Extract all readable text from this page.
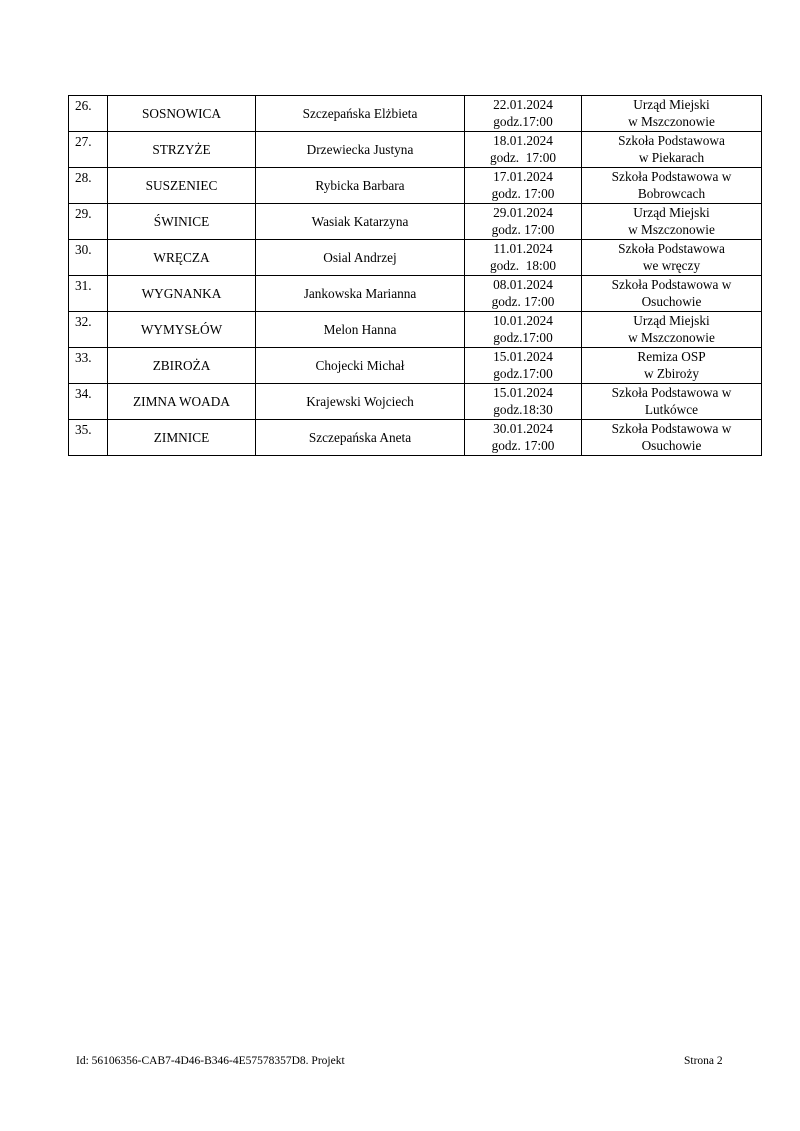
26.	SOSNOWICA	Szczepańska Elżbieta	22.01.2024
godz.17:00	Urząd Miejski
w Mszczonowie

27.	STRZYŻE	Drzewiecka Justyna	18.01.2024
godz.  17:00	Szkoła Podstawowa
w Piekarach

28.	SUSZENIEC	Rybicka Barbara	17.01.2024
godz. 17:00	Szkoła Podstawowa w
Bobrowcach

29.	ŚWINICE	Wasiak Katarzyna	29.01.2024
godz. 17:00	Urząd Miejski
w Mszczonowie

30.	WRĘCZA	Osial Andrzej	11.01.2024
godz.  18:00	Szkoła Podstawowa
we wręczy

31.	WYGNANKA	Jankowska Marianna	08.01.2024
godz. 17:00	Szkoła Podstawowa w
Osuchowie

32.	WYMYSŁÓW	Melon Hanna	10.01.2024
godz.17:00	Urząd Miejski
w Mszczonowie

33.	ZBIROŻA	Chojecki Michał	15.01.2024
godz.17:00	Remiza OSP
w Zbiroży

34.	ZIMNA WOADA	Krajewski Wojciech	15.01.2024
godz.18:30	Szkoła Podstawowa w
Lutkówce

35.	ZIMNICE	Szczepańska Aneta	30.01.2024
godz. 17:00	Szkoła Podstawowa w
Osuchowie
Id: 56106356-CAB7-4D46-B346-4E57578357D8. Projekt	Strona 2
